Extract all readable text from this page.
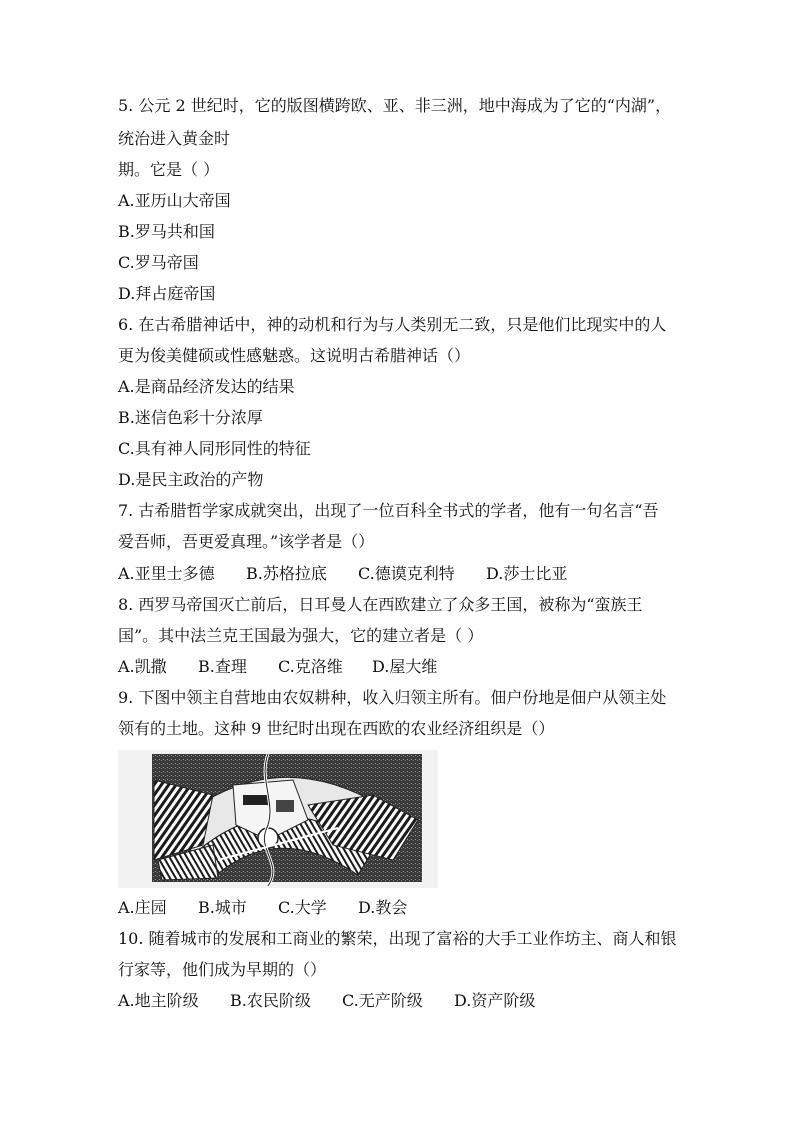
5. 公元 2 世纪时，它的版图横跨欧、亚、非三洲，地中海成为了它的“内湖”，
统治进入黄金时
期。它是（ ）
A.亚历山大帝国
B.罗马共和国
C.罗马帝国
D.拜占庭帝国
6. 在古希腊神话中，神的动机和行为与人类别无二致，只是他们比现实中的人
更为俊美健硕或性感魅惑。这说明古希腊神话（）
A.是商品经济发达的结果
B.迷信色彩十分浓厚
C.具有神人同形同性的特征
D.是民主政治的产物
7. 古希腊哲学家成就突出，出现了一位百科全书式的学者，他有一句名言“吾
爱吾师，吾更爱真理。”该学者是（）
A.亚里士多德 B.苏格拉底 C.德谟克利特 D.莎士比亚
8. 西罗马帝国灭亡前后，日耳曼人在西欧建立了众多王国，被称为“蛮族王
国”。其中法兰克王国最为强大，它的建立者是（ ）
A.凯撒 B.查理 C.克洛维 D.屋大维
9. 下图中领主自营地由农奴耕种，收入归领主所有。佃户份地是佃户从领主处
领有的土地。这种 9 世纪时出现在西欧的农业经济组织是（）
A.庄园 B.城市 C.大学 D.教会
10. 随着城市的发展和工商业的繁荣，出现了富裕的大手工业作坊主、商人和银
行家等，他们成为早期的（）
A.地主阶级 B.农民阶级 C.无产阶级 D.资产阶级
